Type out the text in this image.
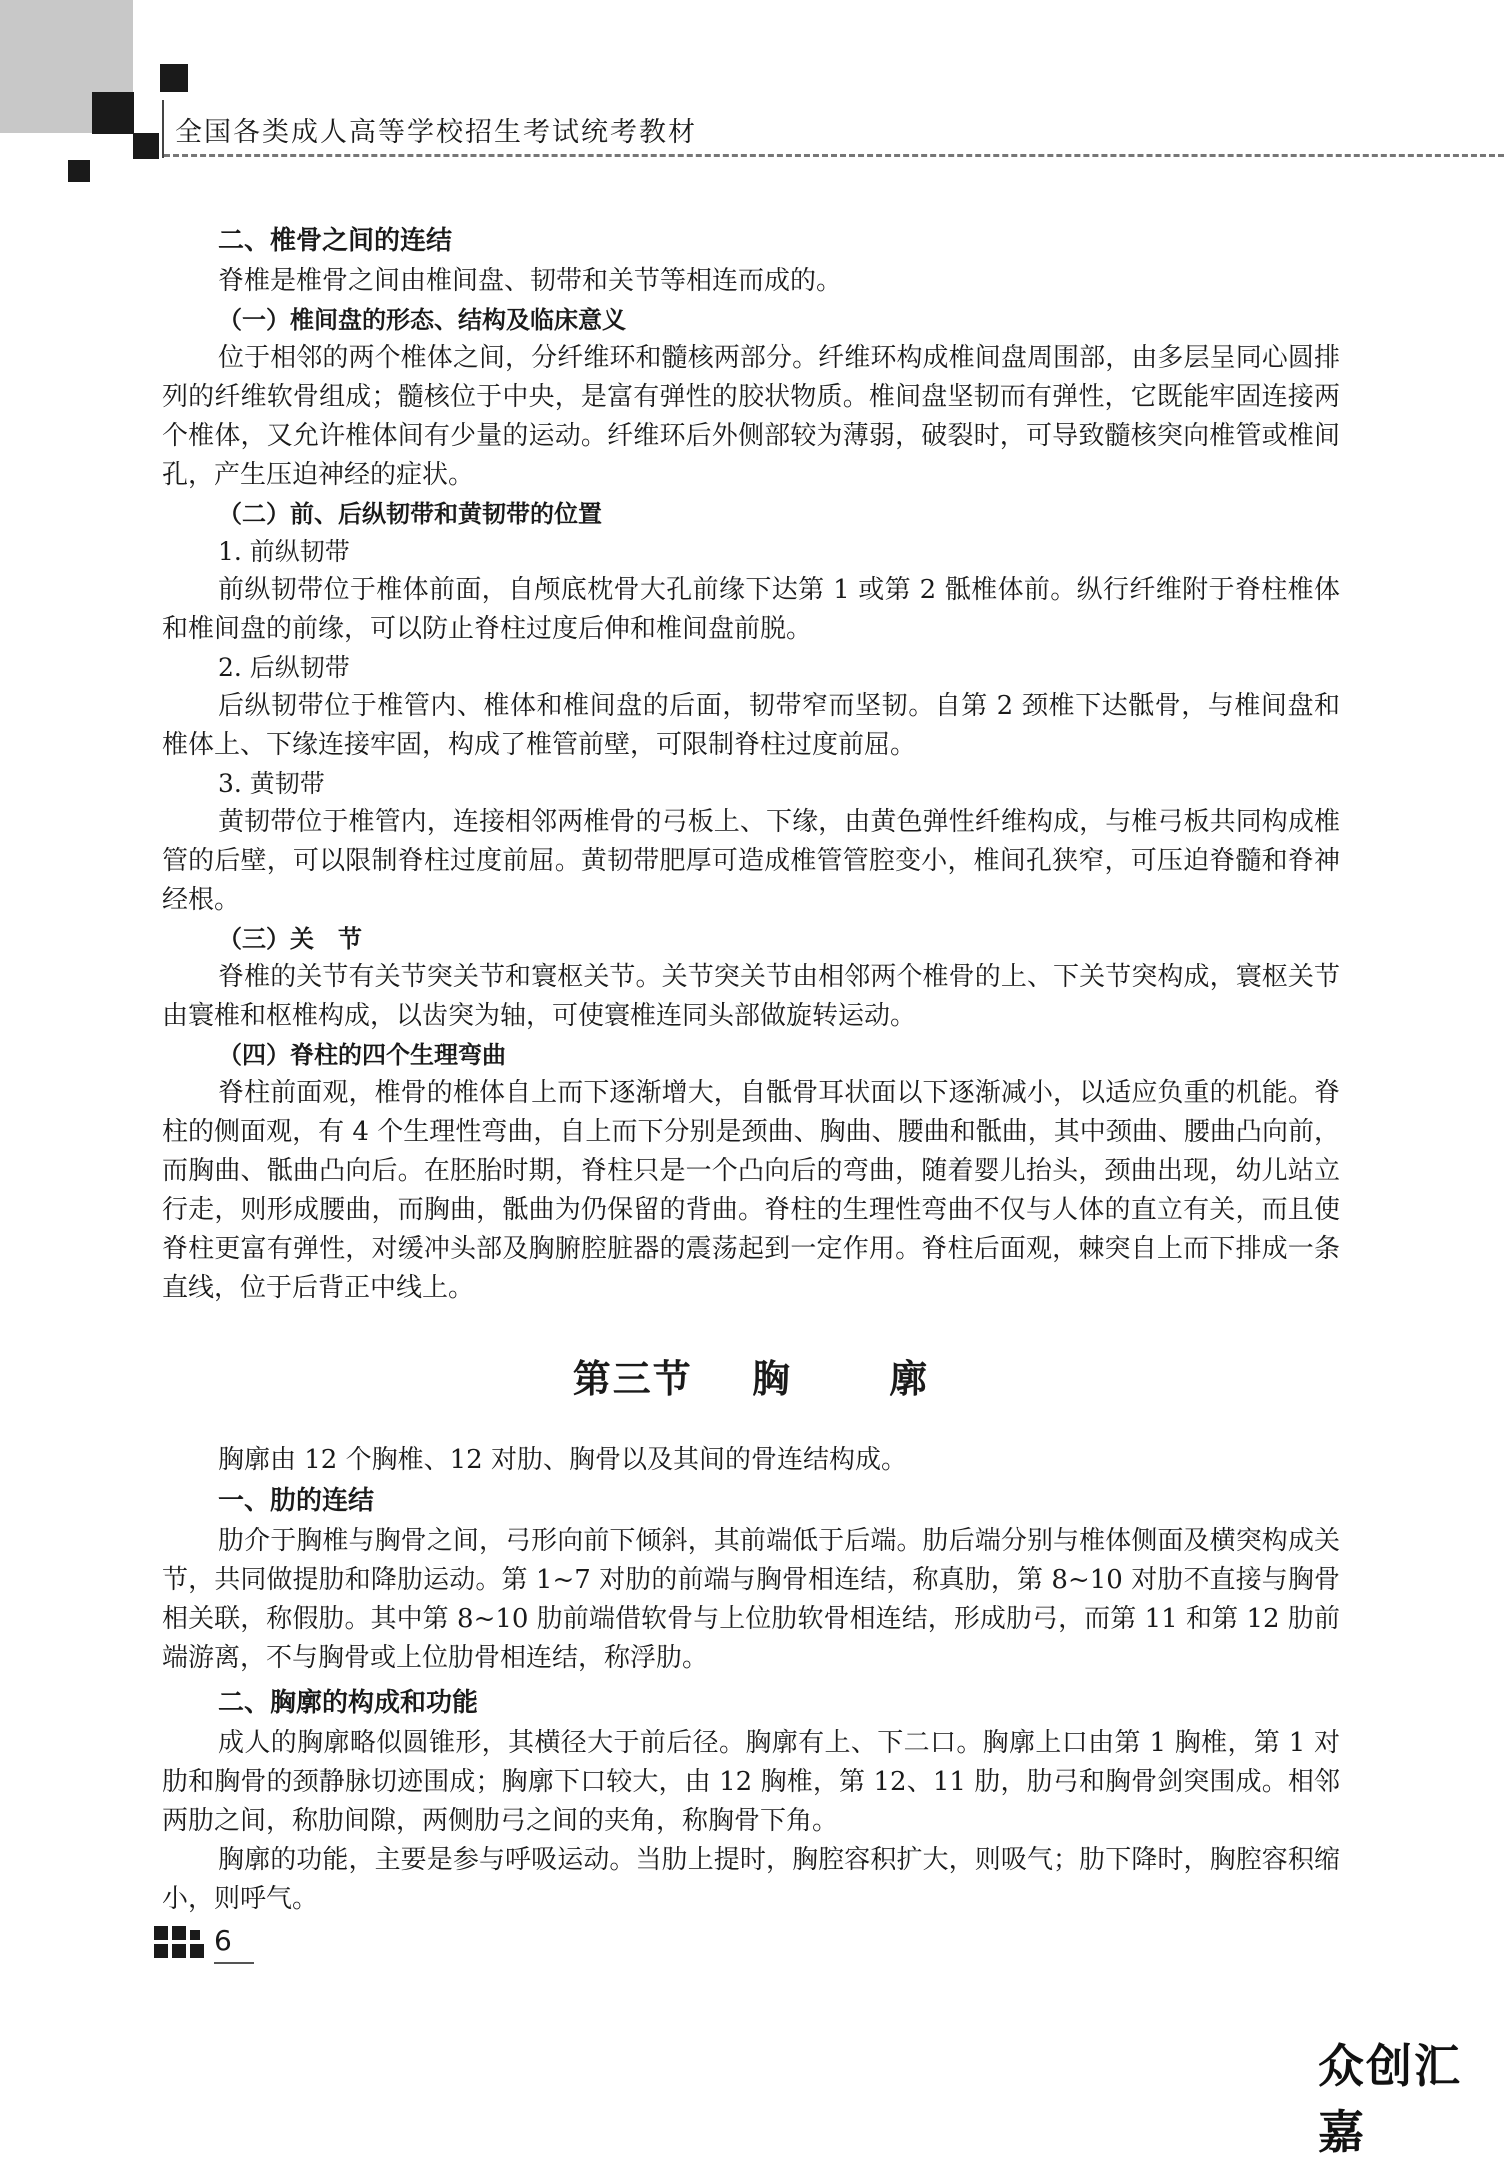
全国各类成人高等学校招生考试统考教材
二、椎骨之间的连结

脊椎是椎骨之间由椎间盘、韧带和关节等相连而成的。

（一）椎间盘的形态、结构及临床意义

位于相邻的两个椎体之间，分纤维环和髓核两部分。纤维环构成椎间盘周围部，由多层呈同心圆排列的纤维软骨组成；髓核位于中央，是富有弹性的胶状物质。椎间盘坚韧而有弹性，它既能牢固连接两个椎体，又允许椎体间有少量的运动。纤维环后外侧部较为薄弱，破裂时，可导致髓核突向椎管或椎间孔，产生压迫神经的症状。

（二）前、后纵韧带和黄韧带的位置
1. 前纵韧带

前纵韧带位于椎体前面，自颅底枕骨大孔前缘下达第 1 或第 2 骶椎体前。纵行纤维附于脊柱椎体和椎间盘的前缘，可以防止脊柱过度后伸和椎间盘前脱。

2. 后纵韧带

后纵韧带位于椎管内、椎体和椎间盘的后面，韧带窄而坚韧。自第 2 颈椎下达骶骨，与椎间盘和椎体上、下缘连接牢固，构成了椎管前壁，可限制脊柱过度前屈。

3. 黄韧带

黄韧带位于椎管内，连接相邻两椎骨的弓板上、下缘，由黄色弹性纤维构成，与椎弓板共同构成椎管的后壁，可以限制脊柱过度前屈。黄韧带肥厚可造成椎管管腔变小，椎间孔狭窄，可压迫脊髓和脊神经根。

（三）关　节

脊椎的关节有关节突关节和寰枢关节。关节突关节由相邻两个椎骨的上、下关节突构成，寰枢关节由寰椎和枢椎构成，以齿突为轴，可使寰椎连同头部做旋转运动。

（四）脊柱的四个生理弯曲

脊柱前面观，椎骨的椎体自上而下逐渐增大，自骶骨耳状面以下逐渐减小，以适应负重的机能。脊柱的侧面观，有 4 个生理性弯曲，自上而下分别是颈曲、胸曲、腰曲和骶曲，其中颈曲、腰曲凸向前，而胸曲、骶曲凸向后。在胚胎时期，脊柱只是一个凸向后的弯曲，随着婴儿抬头，颈曲出现，幼儿站立行走，则形成腰曲，而胸曲，骶曲为仍保留的背曲。脊柱的生理性弯曲不仅与人体的直立有关，而且使脊柱更富有弹性，对缓冲头部及胸腑腔脏器的震荡起到一定作用。脊柱后面观，棘突自上而下排成一条直线，位于后背正中线上。

第三节 胸	廓

胸廓由 12 个胸椎、12 对肋、胸骨以及其间的骨连结构成。

一、肋的连结

肋介于胸椎与胸骨之间，弓形向前下倾斜，其前端低于后端。肋后端分别与椎体侧面及横突构成关节，共同做提肋和降肋运动。第 1~7 对肋的前端与胸骨相连结，称真肋，第 8~10 对肋不直接与胸骨相关联，称假肋。其中第 8~10 肋前端借软骨与上位肋软骨相连结，形成肋弓，而第 11 和第 12 肋前端游离，不与胸骨或上位肋骨相连结，称浮肋。

二、胸廓的构成和功能

成人的胸廓略似圆锥形，其横径大于前后径。胸廓有上、下二口。胸廓上口由第 1 胸椎，第 1 对肋和胸骨的颈静脉切迹围成；胸廓下口较大，由 12 胸椎，第 12、11 肋，肋弓和胸骨剑突围成。相邻两肋之间，称肋间隙，两侧肋弓之间的夹角，称胸骨下角。

胸廓的功能，主要是参与呼吸运动。当肋上提时，胸腔容积扩大，则吸气；肋下降时，胸腔容积缩小，则呼气。

6
众创汇嘉
